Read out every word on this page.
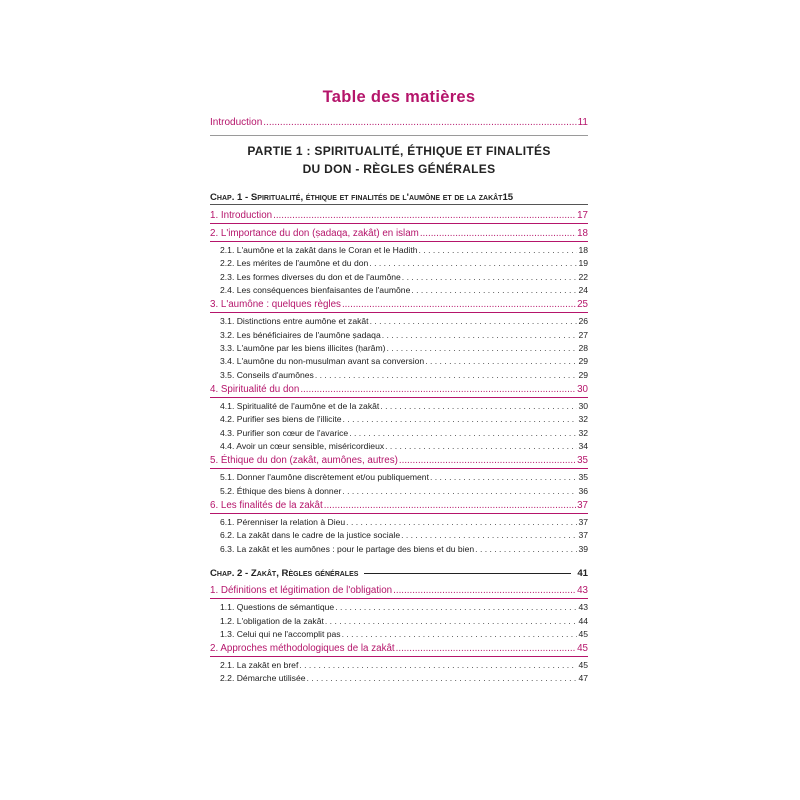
Table des matières
Introduction .....	11
PARTIE 1 : SPIRITUALITÉ, ÉTHIQUE ET FINALITÉS
DU DON - RÈGLES GÉNÉRALES
Chap. 1 - Spiritualité, éthique et finalités de l'aumône et de la zakât 15
1. Introduction .....	17
2. L'importance du don (ṣadaqa, zakât) en islam .....	18
2.1. L'aumône et la zakât dans le Coran et le Hadith . . .	18
2.2. Les mérites de l'aumône et du don . . .	19
2.3. Les formes diverses du don et de l'aumône . . .	22
2.4. Les conséquences bienfaisantes de l'aumône . . .	24
3. L'aumône : quelques règles .....	25
3.1. Distinctions entre aumône et zakât . . .	26
3.2. Les bénéficiaires de l'aumône ṣadaqa . . .	27
3.3. L'aumône par les biens illicites (ḥarâm) . . .	28
3.4. L'aumône du non-musulman avant sa conversion . . .	29
3.5. Conseils d'aumônes . . .	29
4. Spiritualité du don .....	30
4.1. Spiritualité de l'aumône et de la zakât . . .	30
4.2. Purifier ses biens de l'illicite . . .	32
4.3. Purifier son cœur de l'avarice . . .	32
4.4. Avoir un cœur sensible, miséricordieux . . .	34
5. Éthique du don (zakât, aumônes, autres) .....	35
5.1. Donner l'aumône discrètement et/ou publiquement . . .	35
5.2. Éthique des biens à donner . . .	36
6. Les finalités de la zakât .....	37
6.1. Pérenniser la relation à Dieu . . .	37
6.2. La zakât dans le cadre de la justice sociale . . .	37
6.3. La zakât et les aumônes : pour le partage des biens et du bien . . .	39
Chap. 2 - Zakât, Règles générales	41
1. Définitions et légitimation de l'obligation .....	43
1.1. Questions de sémantique . . .	43
1.2. L'obligation de la zakât . . .	44
1.3. Celui qui ne l'accomplit pas . . .	45
2. Approches méthodologiques de la zakât .....	45
2.1. La zakât en bref . . .	45
2.2. Démarche utilisée . . .	47
